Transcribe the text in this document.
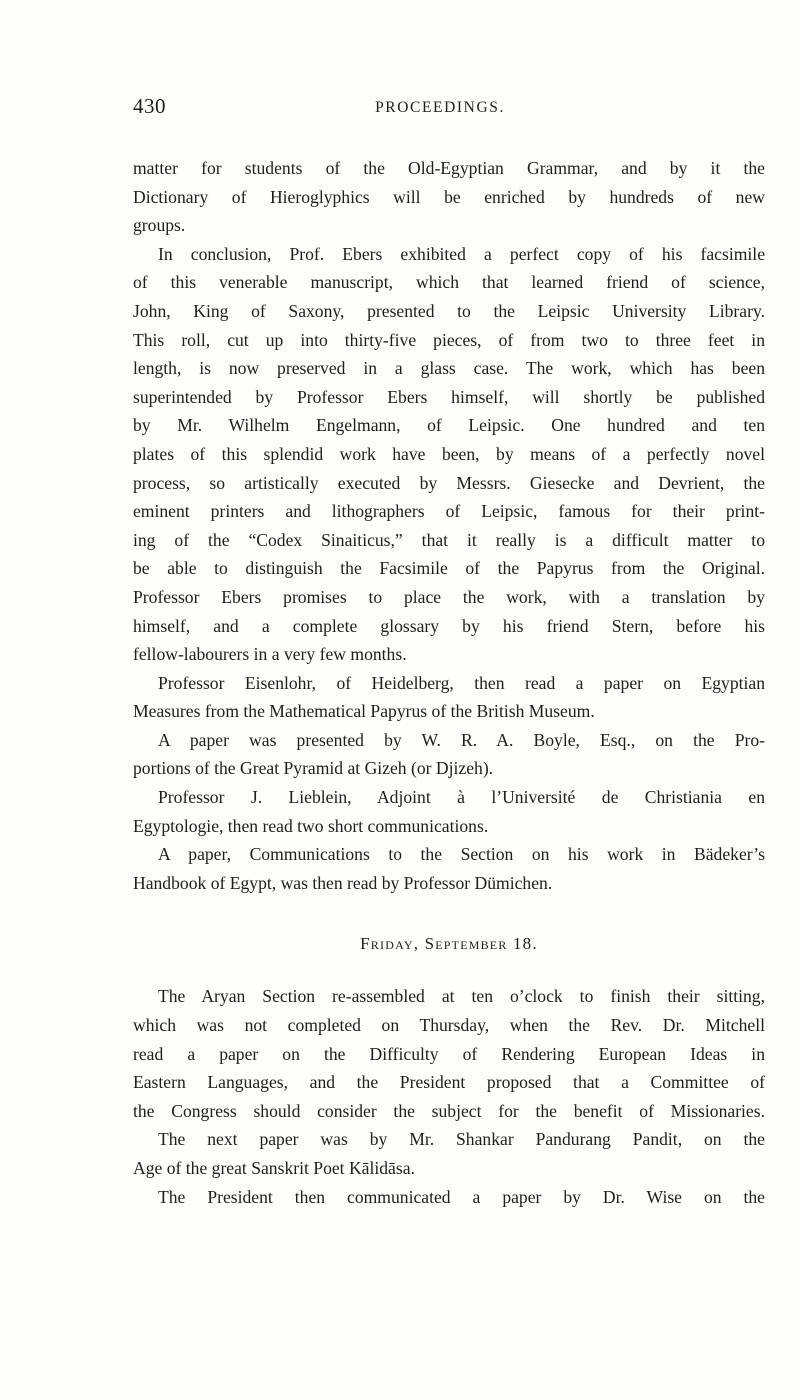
430	PROCEEDINGS.
matter for students of the Old-Egyptian Grammar, and by it the
Dictionary of Hieroglyphics will be enriched by hundreds of new
groups.
In conclusion, Prof. Ebers exhibited a perfect copy of his facsimile
of this venerable manuscript, which that learned friend of science,
John, King of Saxony, presented to the Leipsic University Library.
This roll, cut up into thirty-five pieces, of from two to three feet in
length, is now preserved in a glass case. The work, which has been
superintended by Professor Ebers himself, will shortly be published
by Mr. Wilhelm Engelmann, of Leipsic. One hundred and ten
plates of this splendid work have been, by means of a perfectly novel
process, so artistically executed by Messrs. Giesecke and Devrient, the
eminent printers and lithographers of Leipsic, famous for their print-
ing of the “Codex Sinaiticus,” that it really is a difficult matter to
be able to distinguish the Facsimile of the Papyrus from the Original.
Professor Ebers promises to place the work, with a translation by
himself, and a complete glossary by his friend Stern, before his
fellow-labourers in a very few months.
Professor Eisenlohr, of Heidelberg, then read a paper on Egyptian
Measures from the Mathematical Papyrus of the British Museum.
A paper was presented by W. R. A. Boyle, Esq., on the Pro-
portions of the Great Pyramid at Gizeh (or Djizeh).
Professor J. Lieblein, Adjoint à l’Université de Christiania en
Egyptologie, then read two short communications.
A paper, Communications to the Section on his work in Bädeker’s
Handbook of Egypt, was then read by Professor Dümichen.
Friday, September 18.
The Aryan Section re-assembled at ten o’clock to finish their sitting,
which was not completed on Thursday, when the Rev. Dr. Mitchell
read a paper on the Difficulty of Rendering European Ideas in
Eastern Languages, and the President proposed that a Committee of
the Congress should consider the subject for the benefit of Missionaries.
The next paper was by Mr. Shankar Pandurang Pandit, on the
Age of the great Sanskrit Poet Kālidāsa.
The President then communicated a paper by Dr. Wise on the
